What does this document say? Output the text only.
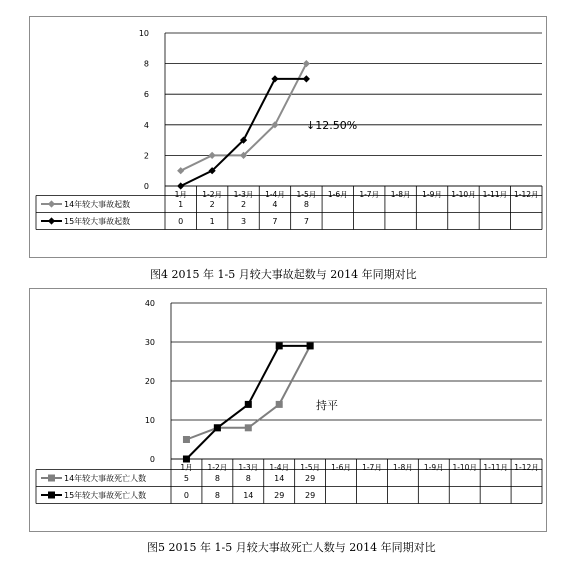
0
2
4
6
8
10
1月 1-2月 1-3月 1-4月 1-5月 1-6月 1-7月 1-8月 1-9月 1-10月 1-11月 1-12月
14年较大事故起数	1	2	2	4	8
15年较大事故起数	0	1	3	7	7
↓12.50%
图4 2015 年 1-5 月较大事故起数与 2014 年同期对比
0
10
20
30
40
1月 1-2月 1-3月 1-4月 1-5月 1-6月 1-7月 1-8月 1-9月 1-10月 1-11月 1-12月
14年较大事故死亡人数	5	8	8	14	29
15年较大事故死亡人数	0	8	14	29	29
持平
图5 2015 年 1-5 月较大事故死亡人数与 2014 年同期对比
